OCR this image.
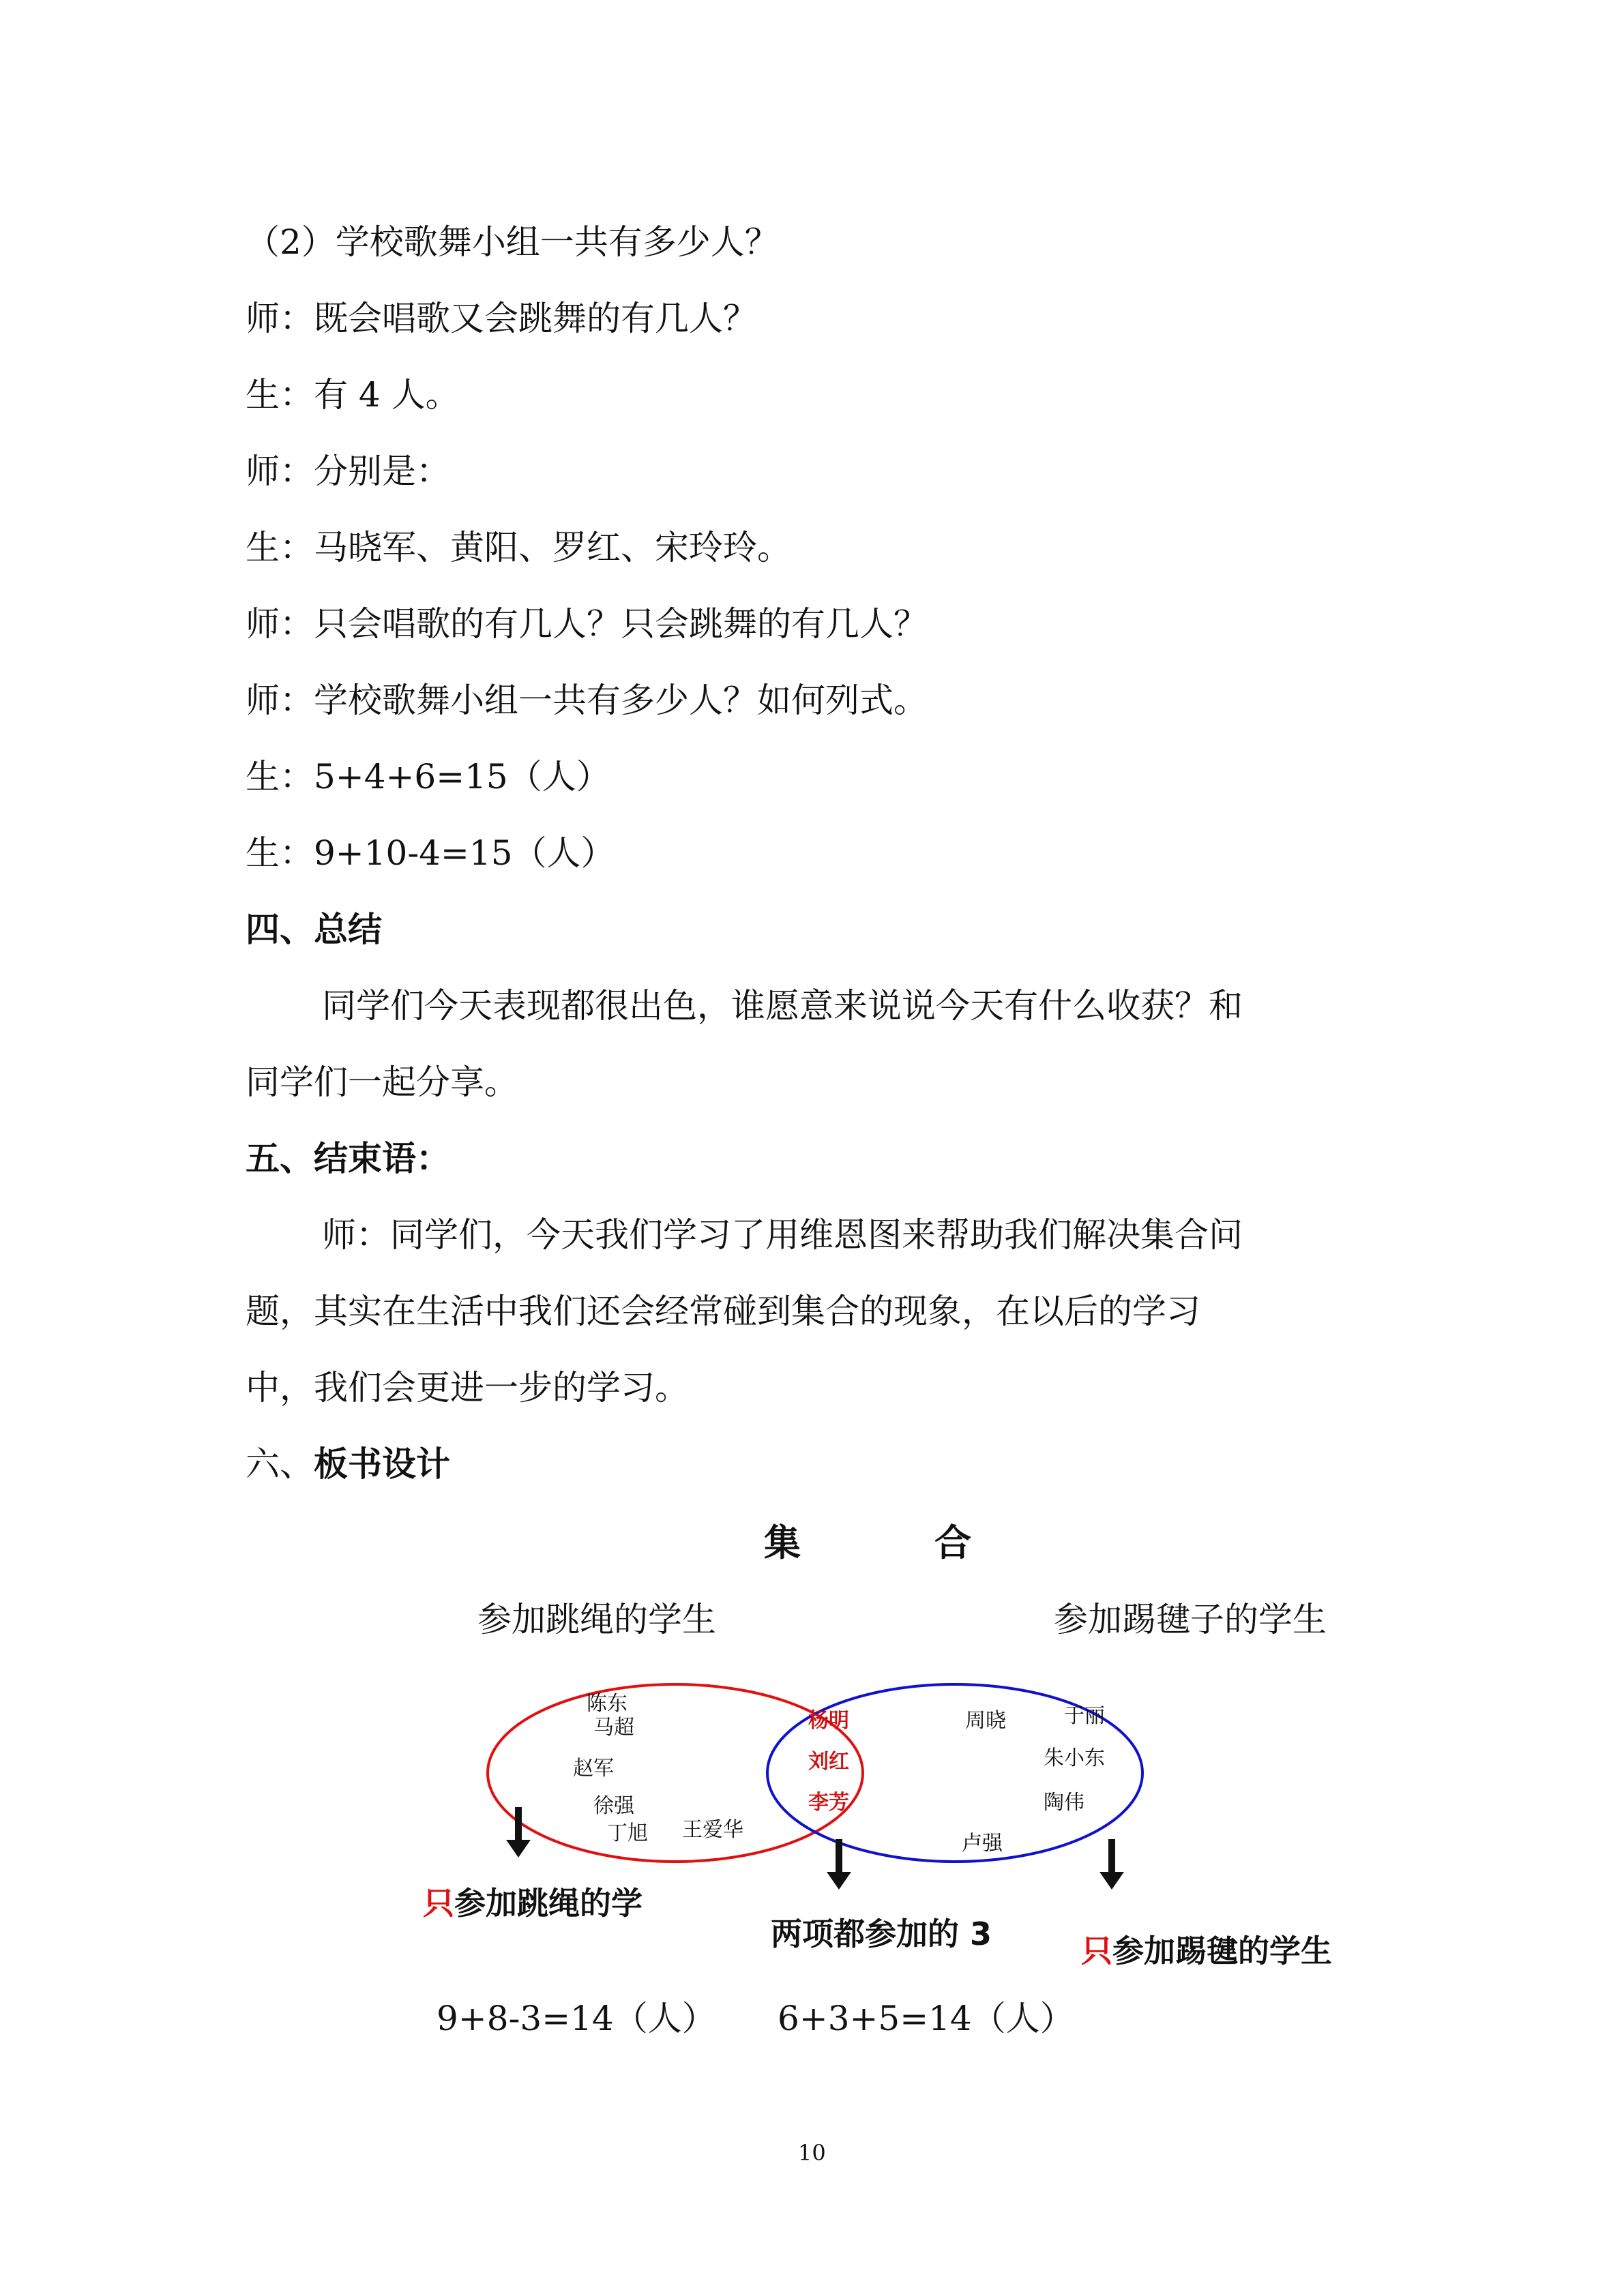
（2）学校歌舞小组一共有多少人？
师：既会唱歌又会跳舞的有几人？
生：有 4 人。
师：分别是：
生：马晓军、黄阳、罗红、宋玲玲。
师：只会唱歌的有几人？只会跳舞的有几人？
师：学校歌舞小组一共有多少人？如何列式。
生：5+4+6=15（人）
生：9+10-4=15（人）
四、总结
同学们今天表现都很出色，谁愿意来说说今天有什么收获？和
同学们一起分享。
五、结束语：
师：同学们，今天我们学习了用维恩图来帮助我们解决集合问
题，其实在生活中我们还会经常碰到集合的现象，在以后的学习
中，我们会更进一步的学习。
六、板书设计
集	合
参加跳绳的学生	参加踢毽子的学生
陈东
马超
赵军
徐强
丁旭 王爱华
杨明
刘红
李芳
周晓	于丽
朱小东
陶伟
卢强
只参加跳绳的学
两项都参加的 3	只参加踢毽的学生
9+8-3=14（人） 6+3+5=14（人）
10
